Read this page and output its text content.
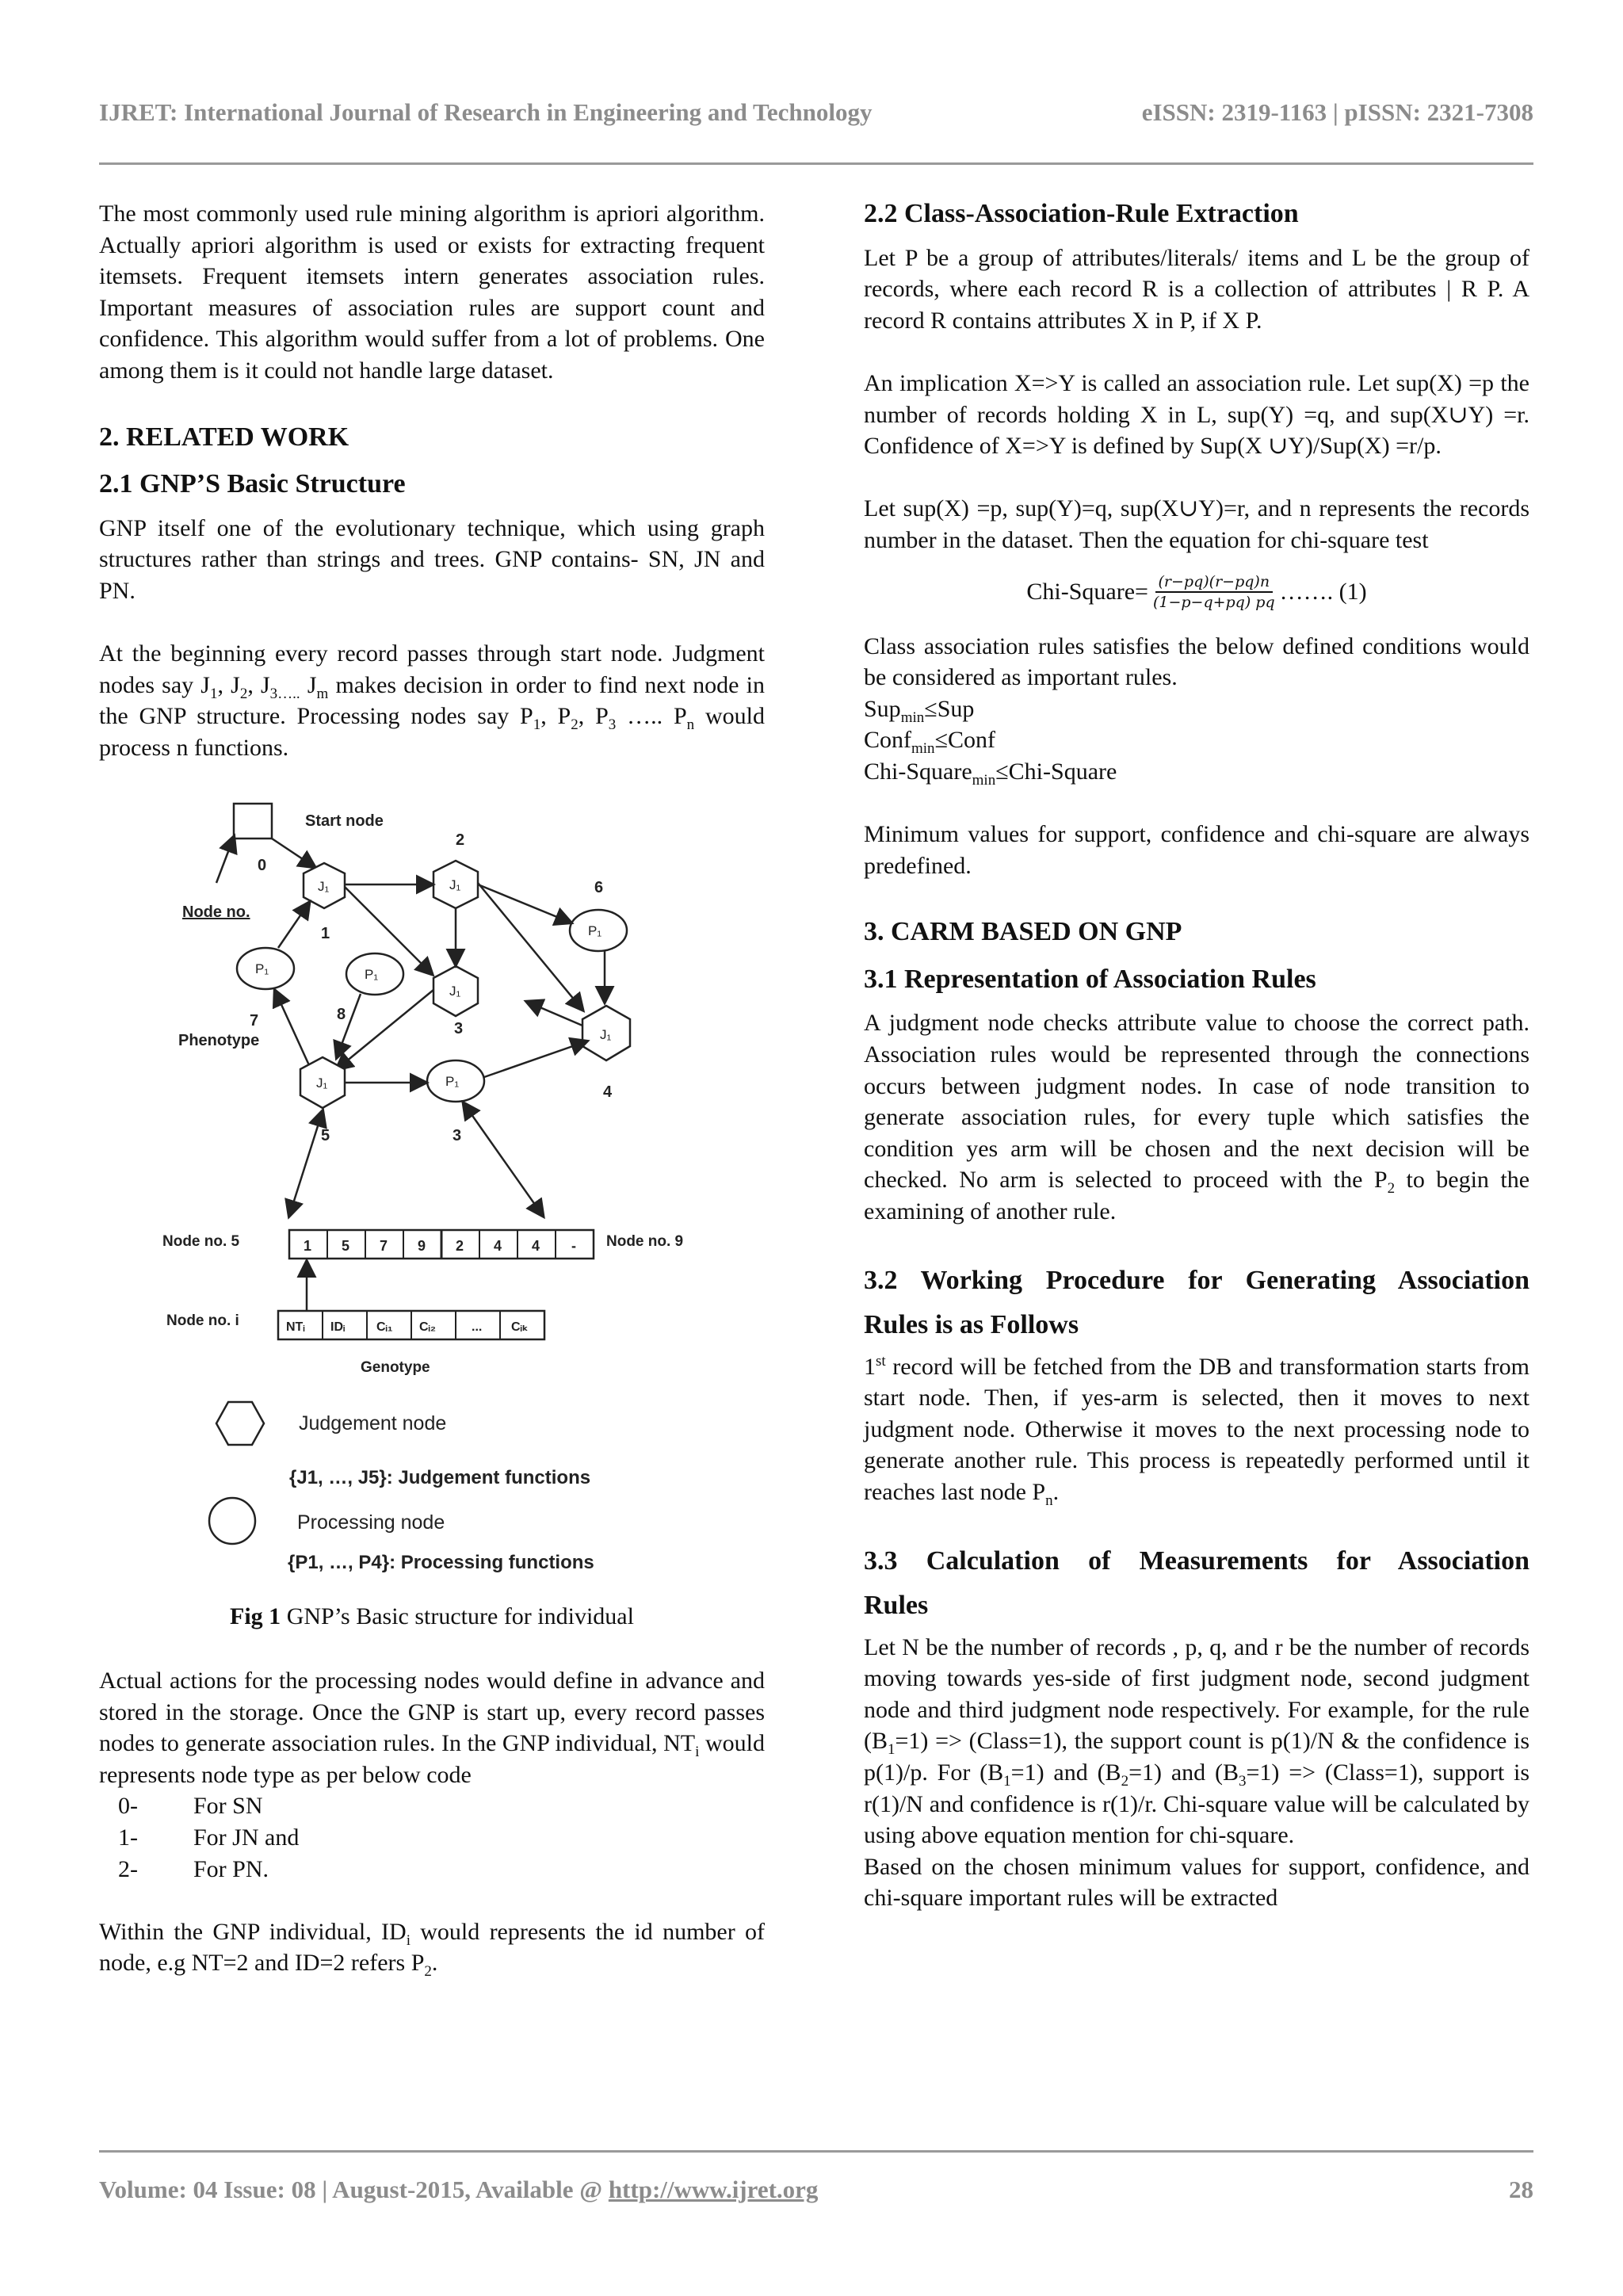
IJRET: International Journal of Research in Engineering and Technology	eISSN: 2319-1163 | pISSN: 2321-7308

The most commonly used rule mining algorithm is apriori algorithm. Actually apriori algorithm is used or exists for extracting frequent itemsets. Frequent itemsets intern generates association rules. Important measures of association rules are support count and confidence. This algorithm would suffer from a lot of problems. One among them is it could not handle large dataset.

2. RELATED WORK
2.1 GNP’S Basic Structure

GNP itself one of the evolutionary technique, which using graph structures rather than strings and trees. GNP contains- SN, JN and PN.

At the beginning every record passes through start node. Judgment nodes say $J_1$, $J_2$, $J_{3\dots..}$ $J_m$ makes decision in order to find next node in the GNP structure. Processing nodes say $P_1$, $P_2$, $P_3$ ….. $P_n$ would process n functions.

Start node
0
Node no.
J₁
1
J₁
2
P₁
6
J₁
4
J₁
3
P₁
7
P₁
8
Phenotype
J₁
5
P₁
3
Node no. 5	Node no. 9
1 5 7 9 2 4 4 -
Node no. i	NTᵢ IDᵢ Cᵢ₁ Cᵢ₂	... Cᵢₖ
Genotype
Judgement node
{J1, …, J5}: Judgement functions
Processing node
{P1, …, P4}: Processing functions

Fig 1 GNP’s Basic structure for individual

Actual actions for the processing nodes would define in advance and stored in the storage. Once the GNP is start up, every record passes nodes to generate association rules. In the GNP individual, $NT_i$ would represents node type as per below code

0-	For SN
1-	For JN and
2-	For PN.

Within the GNP individual, $ID_i$ would represents the id number of node, e.g NT=2 and ID=2 refers $P_2$.

2.2 Class-Association-Rule Extraction

Let P be a group of attributes/literals/ items and L be the group of records, where each record R is a collection of attributes | R P. A record R contains attributes X in P, if X P.

An implication X=>Y is called an association rule. Let sup(X) =p the number of records holding X in L, sup(Y) =q, and sup(X∪Y) =r. Confidence of X=>Y is defined by Sup(X ∪Y)/Sup(X) =r/p.

Let sup(X) =p, sup(Y)=q, sup(X∪Y)=r, and n represents the records number in the dataset. Then the equation for chi-square test

Chi-Square= $\frac{(r-pq)(r-pq)n}{(1-p-q+pq) pq}$ ……. (1)

Class association rules satisfies the below defined conditions would be considered as important rules.

Sup$_{min}$≤Sup

Conf$_{min}$≤Conf

Chi-Square$_{min}$≤Chi-Square

Minimum values for support, confidence and chi-square are always predefined.

3. CARM BASED ON GNP
3.1 Representation of Association Rules

A judgment node checks attribute value to choose the correct path. Association rules would be represented through the connections occurs between judgment nodes. In case of node transition to generate association rules, for every tuple which satisfies the condition yes arm will be chosen and the next decision will be checked. No arm is selected to proceed with the $P_2$ to begin the examining of another rule.

3.2 Working Procedure for Generating Association
Rules is as Follows

1st record will be fetched from the DB and transformation starts from start node. Then, if yes-arm is selected, then it moves to next judgment node. Otherwise it moves to the next processing node to generate another rule. This process is repeatedly performed until it reaches last node $P_n$.

3.3 Calculation of Measurements for Association
Rules

Let N be the number of records , p, q, and r be the number of records moving towards yes-side of first judgment node, second judgment node and third judgment node respectively. For example, for the rule $(B_1=1)$ => (Class=1), the support count is p(1)/N & the confidence is p(1)/p. For $(B_1=1)$ and $(B_2=1)$ and $(B_3=1)$ => (Class=1), support is r(1)/N and confidence is r(1)/r. Chi-square value will be calculated by using above equation mention for chi-square.

Based on the chosen minimum values for support, confidence, and chi-square important rules will be extracted

Volume: 04 Issue: 08 | August-2015, Available @ http://www.ijret.org	28
